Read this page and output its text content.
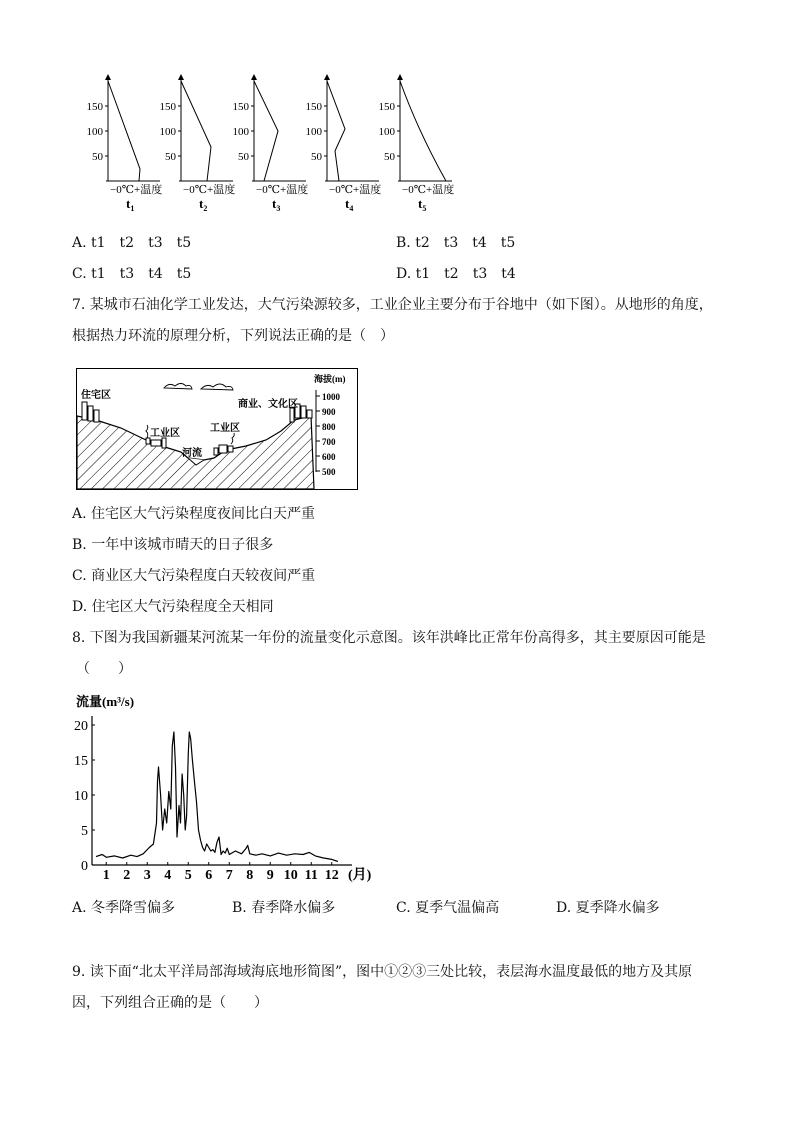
150
100
50
−0℃+温度
$t_1$
150
100
50
−0℃+温度
$t_2$
150
100
50
−0℃+温度
$t_3$
150
100
50
−0℃+温度
$t_4$
150
100
50
−0℃+温度
$t_5$
A. t1　t2　t3　t5	B. t2　t3　t4　t5
C. t1　t3　t4　t5	D. t1　t2　t3　t4
7. 某城市石油化学工业发达，大气污染源较多，工业企业主要分布于谷地中（如下图）。从地形的角度，
根据热力环流的原理分析，下列说法正确的是（　）
住宅区
工业区	工业区
河流
商业、文化区
海拔(m)
1000
900
800
700
600
500
A. 住宅区大气污染程度夜间比白天严重
B. 一年中该城市晴天的日子很多
C. 商业区大气污染程度白天较夜间严重
D. 住宅区大气污染程度全天相同
8. 下图为我国新疆某河流某一年份的流量变化示意图。该年洪峰比正常年份高得多，其主要原因可能是
（　　）
流量(m³/s)
0
5
10
15
20
1 2 3 4 5 6 7 8 9 10 11 12 (月)
A. 冬季降雪偏多	B. 春季降水偏多	C. 夏季气温偏高	D. 夏季降水偏多
9. 读下面“北太平洋局部海域海底地形简图”，图中①②③三处比较，表层海水温度最低的地方及其原
因，下列组合正确的是（　　）
